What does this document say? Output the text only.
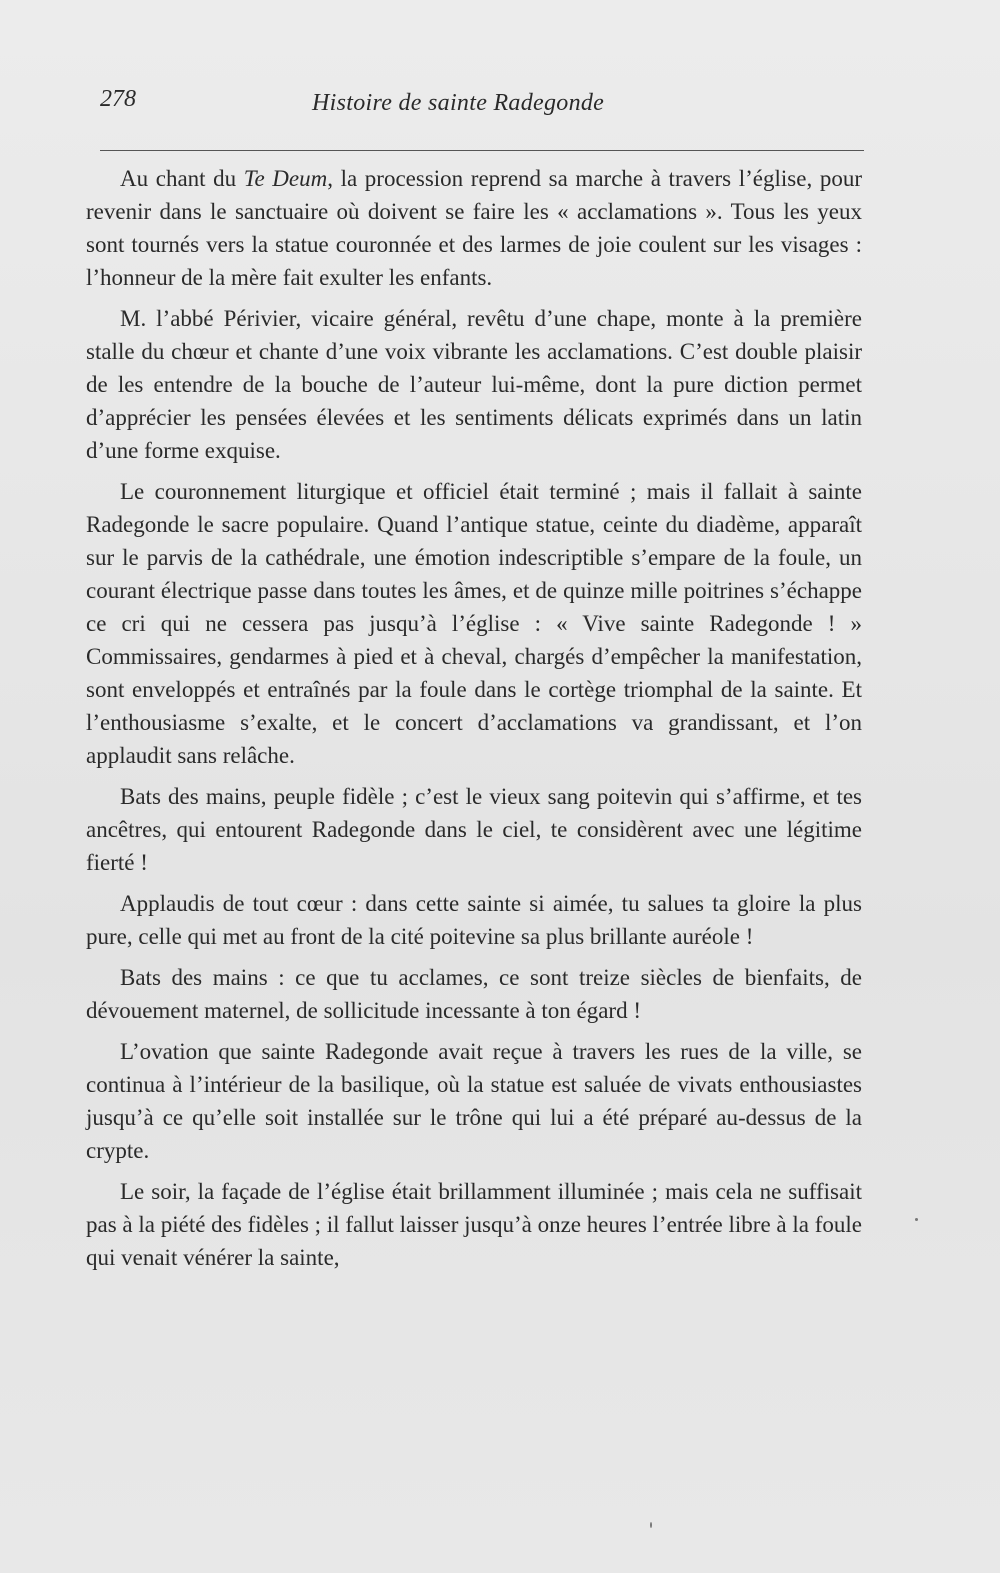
278	Histoire de sainte Radegonde

Au chant du Te Deum, la procession reprend sa marche à travers l’église, pour revenir dans le sanctuaire où doivent se faire les « acclamations ». Tous les yeux sont tournés vers la statue couronnée et des larmes de joie coulent sur les visages : l’honneur de la mère fait exulter les enfants.

M. l’abbé Périvier, vicaire général, revêtu d’une chape, monte à la première stalle du chœur et chante d’une voix vibrante les acclamations. C’est double plaisir de les entendre de la bouche de l’auteur lui-même, dont la pure diction permet d’apprécier les pensées élevées et les sentiments délicats exprimés dans un latin d’une forme exquise.

Le couronnement liturgique et officiel était terminé ; mais il fallait à sainte Radegonde le sacre populaire. Quand l’antique statue, ceinte du diadème, apparaît sur le parvis de la cathédrale, une émotion indescriptible s’empare de la foule, un courant électrique passe dans toutes les âmes, et de quinze mille poitrines s’échappe ce cri qui ne cessera pas jusqu’à l’église : « Vive sainte Radegonde ! » Commissaires, gendarmes à pied et à cheval, chargés d’empêcher la manifestation, sont enveloppés et entraînés par la foule dans le cortège triomphal de la sainte. Et l’enthousiasme s’exalte, et le concert d’acclamations va grandissant, et l’on applaudit sans relâche.

Bats des mains, peuple fidèle ; c’est le vieux sang poitevin qui s’affirme, et tes ancêtres, qui entourent Radegonde dans le ciel, te considèrent avec une légitime fierté !

Applaudis de tout cœur : dans cette sainte si aimée, tu salues ta gloire la plus pure, celle qui met au front de la cité poitevine sa plus brillante auréole !

Bats des mains : ce que tu acclames, ce sont treize siècles de bienfaits, de dévouement maternel, de sollicitude incessante à ton égard !

L’ovation que sainte Radegonde avait reçue à travers les rues de la ville, se continua à l’intérieur de la basilique, où la statue est saluée de vivats enthousiastes jusqu’à ce qu’elle soit installée sur le trône qui lui a été préparé au-dessus de la crypte.

Le soir, la façade de l’église était brillamment illuminée ; mais cela ne suffisait pas à la piété des fidèles ; il fallut laisser jusqu’à onze heures l’entrée libre à la foule qui venait vénérer la sainte,
